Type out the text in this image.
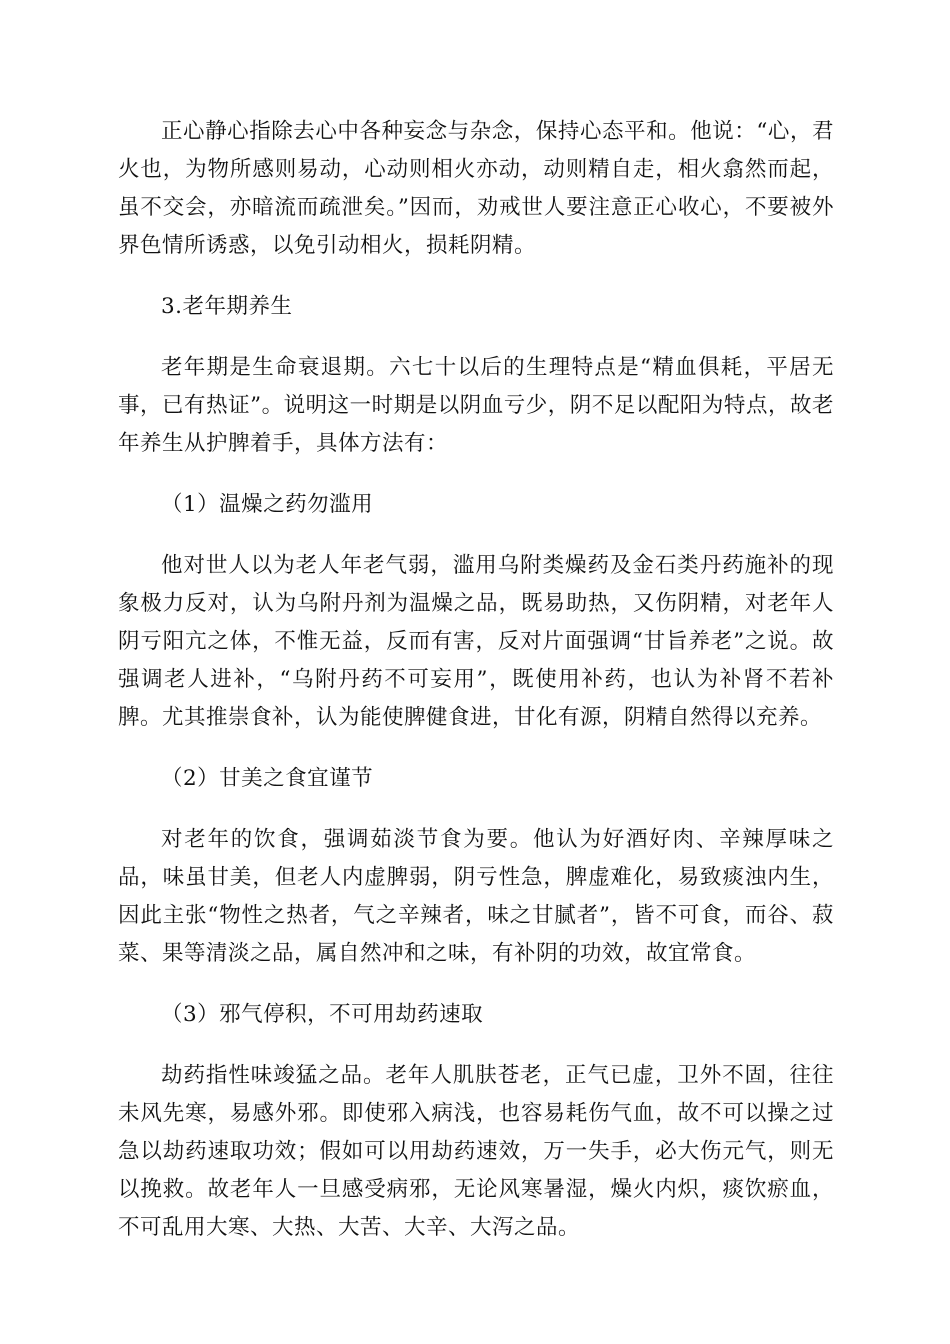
正心静心指除去心中各种妄念与杂念，保持心态平和。他说：“心，君火也，为物所感则易动，心动则相火亦动，动则精自走，相火翕然而起，虽不交会，亦暗流而疏泄矣。”因而，劝戒世人要注意正心收心，不要被外界色情所诱惑，以免引动相火，损耗阴精。

3.老年期养生

老年期是生命衰退期。六七十以后的生理特点是“精血俱耗，平居无事，已有热证”。说明这一时期是以阴血亏少，阴不足以配阳为特点，故老年养生从护脾着手，具体方法有：

（1）温燥之药勿滥用

他对世人以为老人年老气弱，滥用乌附类燥药及金石类丹药施补的现象极力反对，认为乌附丹剂为温燥之品，既易助热，又伤阴精，对老年人阴亏阳亢之体，不惟无益，反而有害，反对片面强调“甘旨养老”之说。故强调老人进补，“乌附丹药不可妄用”，既使用补药，也认为补肾不若补脾。尤其推崇食补，认为能使脾健食进，甘化有源，阴精自然得以充养。

（2）甘美之食宜谨节

对老年的饮食，强调茹淡节食为要。他认为好酒好肉、辛辣厚味之品，味虽甘美，但老人内虚脾弱，阴亏性急，脾虚难化，易致痰浊内生，因此主张“物性之热者，气之辛辣者，味之甘腻者”，皆不可食，而谷、菽菜、果等清淡之品，属自然冲和之味，有补阴的功效，故宜常食。

（3）邪气停积，不可用劫药速取

劫药指性味竣猛之品。老年人肌肤苍老，正气已虚，卫外不固，往往未风先寒，易感外邪。即使邪入病浅，也容易耗伤气血，故不可以操之过急以劫药速取功效；假如可以用劫药速效，万一失手，必大伤元气，则无以挽救。故老年人一旦感受病邪，无论风寒暑湿，燥火内炽，痰饮瘀血，不可乱用大寒、大热、大苦、大辛、大泻之品。
